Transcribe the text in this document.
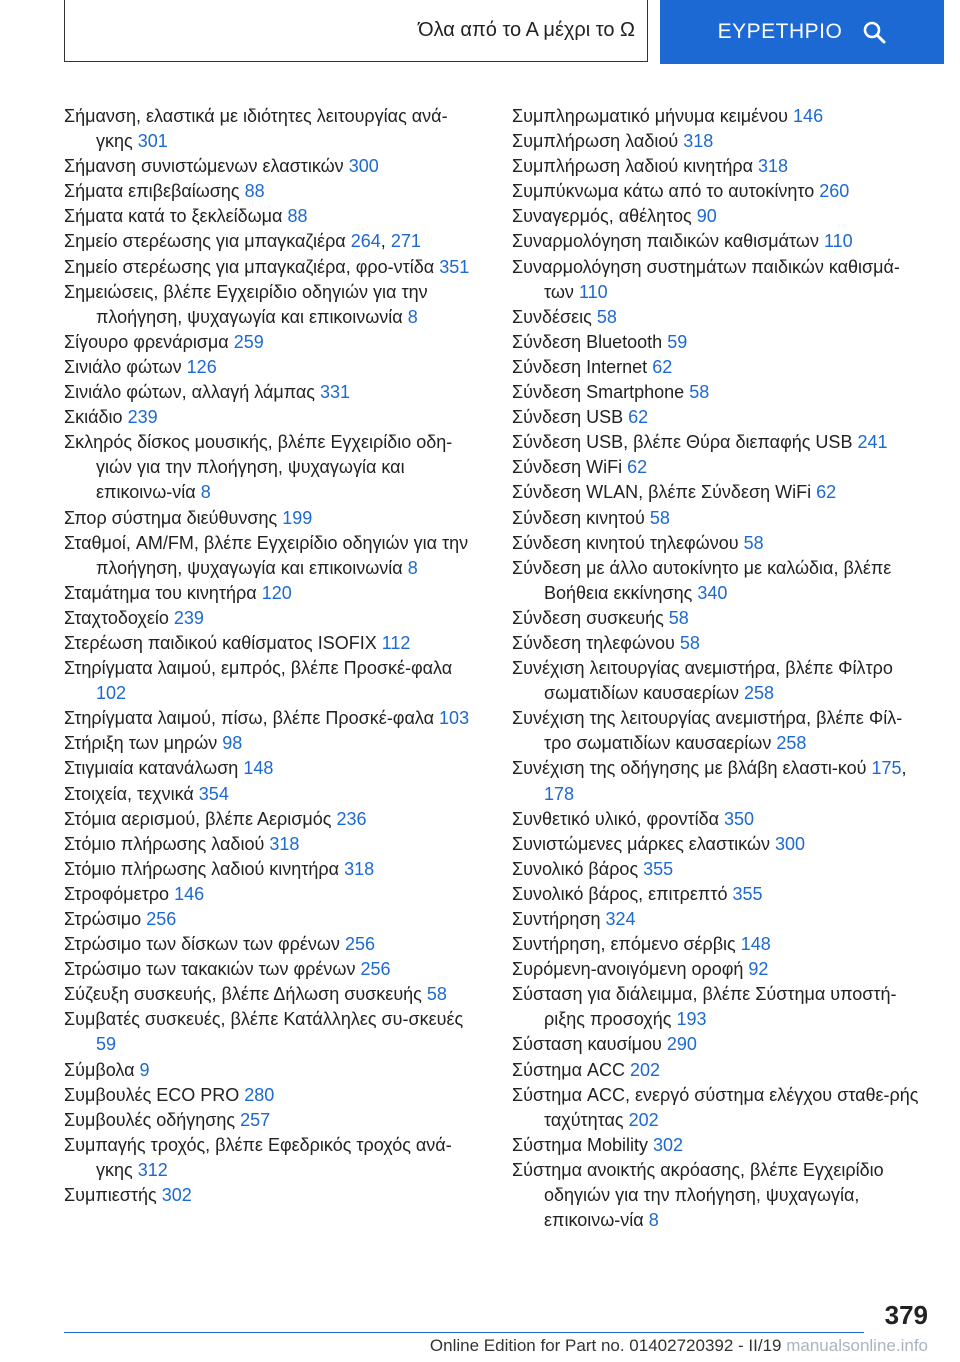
Όλα από το Α μέχρι το Ω	ΕΥΡΕΤΗΡΙΟ
Σήμανση, ελαστικά με ιδιότητες λειτουργίας ανά-γκης 301
Σήμανση συνιστώμενων ελαστικών 300
Σήματα επιβεβαίωσης 88
Σήματα κατά το ξεκλείδωμα 88
Σημείο στερέωσης για μπαγκαζιέρα 264, 271
Σημείο στερέωσης για μπαγκαζιέρα, φρο-ντίδα 351
Σημειώσεις, βλέπε Εγχειρίδιο οδηγιών για την πλοήγηση, ψυχαγωγία και επικοινωνία 8
Σίγουρο φρενάρισμα 259
Σινιάλο φώτων 126
Σινιάλο φώτων, αλλαγή λάμπας 331
Σκιάδιο 239
Σκληρός δίσκος μουσικής, βλέπε Εγχειρίδιο οδη-γιών για την πλοήγηση, ψυχαγωγία και επικοινω-νία 8
Σπορ σύστημα διεύθυνσης 199
Σταθμοί, AM/FM, βλέπε Εγχειρίδιο οδηγιών για την πλοήγηση, ψυχαγωγία και επικοινωνία 8
Σταμάτημα του κινητήρα 120
Σταχτοδοχείο 239
Στερέωση παιδικού καθίσματος ISOFIX 112
Στηρίγματα λαιμού, εμπρός, βλέπε Προσκέ-φαλα 102
Στηρίγματα λαιμού, πίσω, βλέπε Προσκέ-φαλα 103
Στήριξη των μηρών 98
Στιγμιαία κατανάλωση 148
Στοιχεία, τεχνικά 354
Στόμια αερισμού, βλέπε Αερισμός 236
Στόμιο πλήρωσης λαδιού 318
Στόμιο πλήρωσης λαδιού κινητήρα 318
Στροφόμετρο 146
Στρώσιμο 256
Στρώσιμο των δίσκων των φρένων 256
Στρώσιμο των τακακιών των φρένων 256
Σύζευξη συσκευής, βλέπε Δήλωση συσκευής 58
Συμβατές συσκευές, βλέπε Κατάλληλες συ-σκευές 59
Σύμβολα 9
Συμβουλές ECO PRO 280
Συμβουλές οδήγησης 257
Συμπαγής τροχός, βλέπε Εφεδρικός τροχός ανά-γκης 312
Συμπιεστής 302
Συμπληρωματικό μήνυμα κειμένου 146
Συμπλήρωση λαδιού 318
Συμπλήρωση λαδιού κινητήρα 318
Συμπύκνωμα κάτω από το αυτοκίνητο 260
Συναγερμός, αθέλητος 90
Συναρμολόγηση παιδικών καθισμάτων 110
Συναρμολόγηση συστημάτων παιδικών καθισμά-των 110
Συνδέσεις 58
Σύνδεση Bluetooth 59
Σύνδεση Internet 62
Σύνδεση Smartphone 58
Σύνδεση USB 62
Σύνδεση USB, βλέπε Θύρα διεπαφής USB 241
Σύνδεση WiFi 62
Σύνδεση WLAN, βλέπε Σύνδεση WiFi 62
Σύνδεση κινητού 58
Σύνδεση κινητού τηλεφώνου 58
Σύνδεση με άλλο αυτοκίνητο με καλώδια, βλέπε Βοήθεια εκκίνησης 340
Σύνδεση συσκευής 58
Σύνδεση τηλεφώνου 58
Συνέχιση λειτουργίας ανεμιστήρα, βλέπε Φίλτρο σωματιδίων καυσαερίων 258
Συνέχιση της λειτουργίας ανεμιστήρα, βλέπε Φίλ-τρο σωματιδίων καυσαερίων 258
Συνέχιση της οδήγησης με βλάβη ελαστι-κού 175, 178
Συνθετικό υλικό, φροντίδα 350
Συνιστώμενες μάρκες ελαστικών 300
Συνολικό βάρος 355
Συνολικό βάρος, επιτρεπτό 355
Συντήρηση 324
Συντήρηση, επόμενο σέρβις 148
Συρόμενη-ανοιγόμενη οροφή 92
Σύσταση για διάλειμμα, βλέπε Σύστημα υποστή-ριξης προσοχής 193
Σύσταση καυσίμου 290
Σύστημα ACC 202
Σύστημα ACC, ενεργό σύστημα ελέγχου σταθε-ρής ταχύτητας 202
Σύστημα Mobility 302
Σύστημα ανοικτής ακρόασης, βλέπε Εγχειρίδιο οδηγιών για την πλοήγηση, ψυχαγωγία, επικοινω-νία 8
379
Online Edition for Part no. 01402720392 - II/19 manualsonline.info
